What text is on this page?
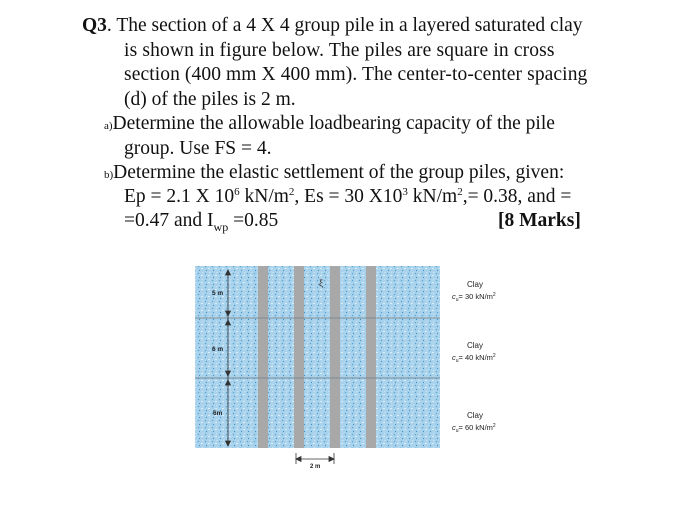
Q3. The section of a 4 X 4 group pile in a layered saturated clay
is shown in figure below. The piles are square in cross
section (400 mm X 400 mm). The center-to-center spacing
(d) of the piles is 2 m.
a)Determine the allowable loadbearing capacity of the pile
group. Use FS = 4.
b)Determine the elastic settlement of the group piles, given:
Ep = 2.1 X $10^6$ $kN/m^2$, Es = 30 $X10^3$ $kN/m^2,= 0.38$, and =
=0.47 and $I_{wp} =0.85$	[8 Marks]
5 m
6 m
6m
ξ
2 m
Clay
$c_u= 30$ $kN/m^2$
Clay
$c_u= 40$ $kN/m^2$
Clay
$c_u= 60$ $kN/m^2$
